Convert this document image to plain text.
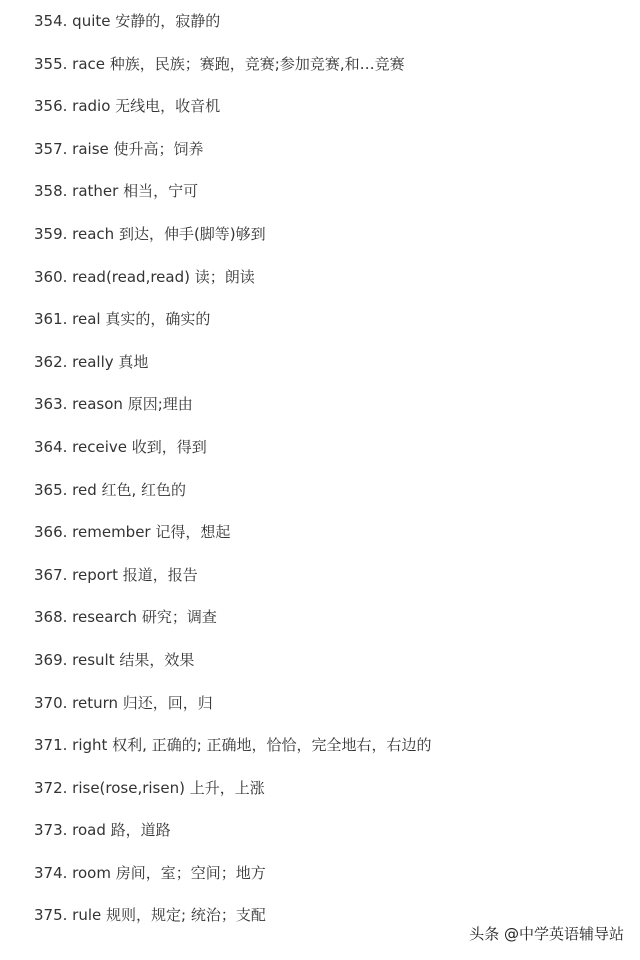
354. quite 安静的，寂静的
355. race 种族，民族；赛跑，竞赛;参加竞赛,和…竞赛
356. radio 无线电，收音机
357. raise 使升高；饲养
358. rather 相当，宁可
359. reach 到达，伸手(脚等)够到
360. read(read,read) 读；朗读
361. real 真实的，确实的
362. really 真地
363. reason 原因;理由
364. receive 收到，得到
365. red 红色, 红色的
366. remember 记得，想起
367. report 报道，报告
368. research 研究；调查
369. result 结果，效果
370. return 归还，回，归
371. right 权利, 正确的; 正确地，恰恰，完全地右，右边的
372. rise(rose,risen) 上升，上涨
373. road 路，道路
374. room 房间，室；空间；地方
375. rule 规则，规定; 统治；支配
头条 @中学英语辅导站
